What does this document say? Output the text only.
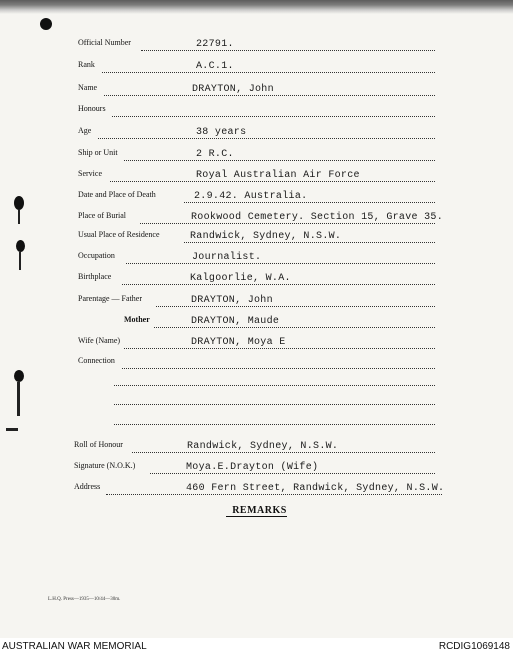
Official Number	22791.
Rank	A.C.1.
Name	DRAYTON, John
Honours
Age	38 years
Ship or Unit	2 R.C.
Service	Royal Australian Air Force
Date and Place of Death	2.9.42. Australia.
Place of Burial	Rookwood Cemetery. Section 15, Grave 35.
Usual Place of Residence	Randwick, Sydney, N.S.W.
Occupation	Journalist.
Birthplace	Kalgoorlie, W.A.
Parentage — Father	DRAYTON, John
Mother	DRAYTON, Maude
Wife (Name)	DRAYTON, Moya E
Connection
Roll of Honour	Randwick, Sydney, N.S.W.
Signature (N.O.K.)	Moya.E.Drayton (Wife)
Address	460 Fern Street, Randwick, Sydney, N.S.W.
REMARKS
L.H.Q. Press—1935—10/44—30m.
AUSTRALIAN WAR MEMORIAL	RCDIG1069148
